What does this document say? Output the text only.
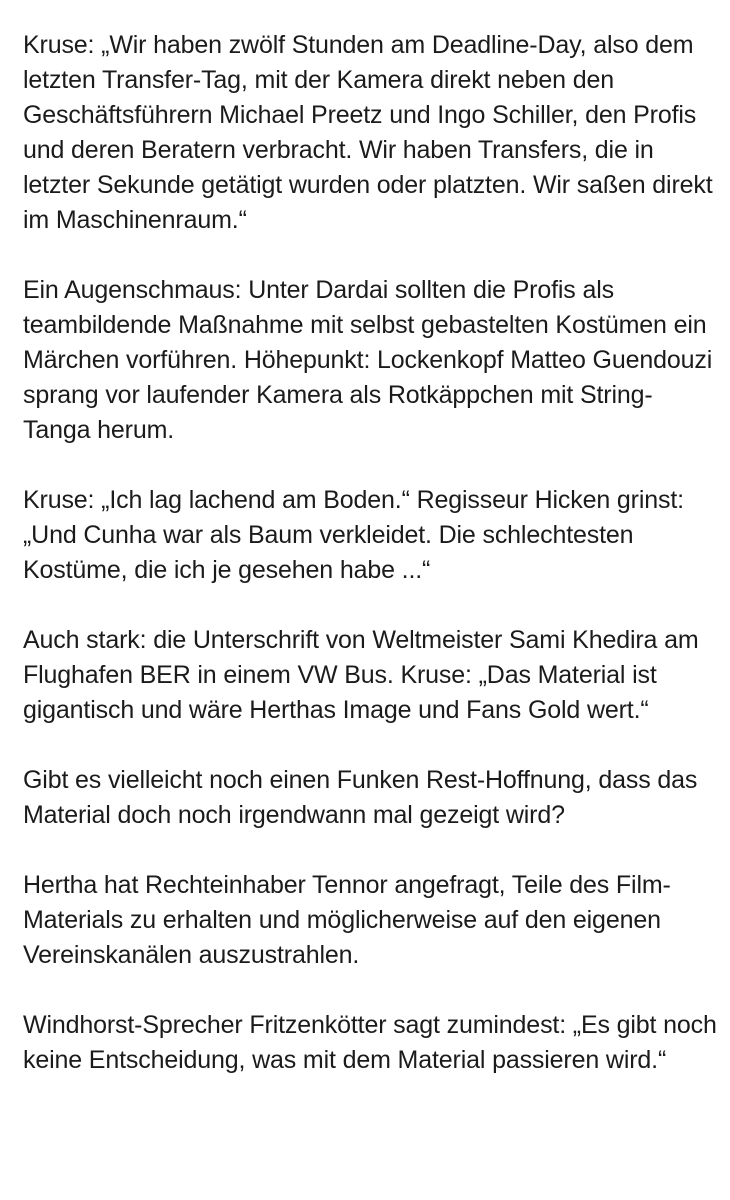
Kruse: „Wir haben zwölf Stunden am Deadline-Day, also dem letzten Transfer-Tag, mit der Kamera direkt neben den Geschäftsführern Michael Preetz und Ingo Schiller, den Profis und deren Beratern verbracht. Wir haben Transfers, die in letzter Sekunde getätigt wurden oder platzten. Wir saßen direkt im Maschinenraum.“

Ein Augenschmaus: Unter Dardai sollten die Profis als teambildende Maßnahme mit selbst gebastelten Kostümen ein Märchen vorführen. Höhepunkt: Lockenkopf Matteo Guendouzi sprang vor laufender Kamera als Rotkäppchen mit String-Tanga herum.

Kruse: „Ich lag lachend am Boden.“ Regisseur Hicken grinst: „Und Cunha war als Baum verkleidet. Die schlechtesten Kostüme, die ich je gesehen habe ...“

Auch stark: die Unterschrift von Weltmeister Sami Khedira am Flughafen BER in einem VW Bus. Kruse: „Das Material ist gigantisch und wäre Herthas Image und Fans Gold wert.“

Gibt es vielleicht noch einen Funken Rest-Hoffnung, dass das Material doch noch irgendwann mal gezeigt wird?

Hertha hat Rechteinhaber Tennor angefragt, Teile des Film-Materials zu erhalten und möglicherweise auf den eigenen Vereinskanälen auszustrahlen.

Windhorst-Sprecher Fritzenkötter sagt zumindest: „Es gibt noch keine Entscheidung, was mit dem Material passieren wird.“
